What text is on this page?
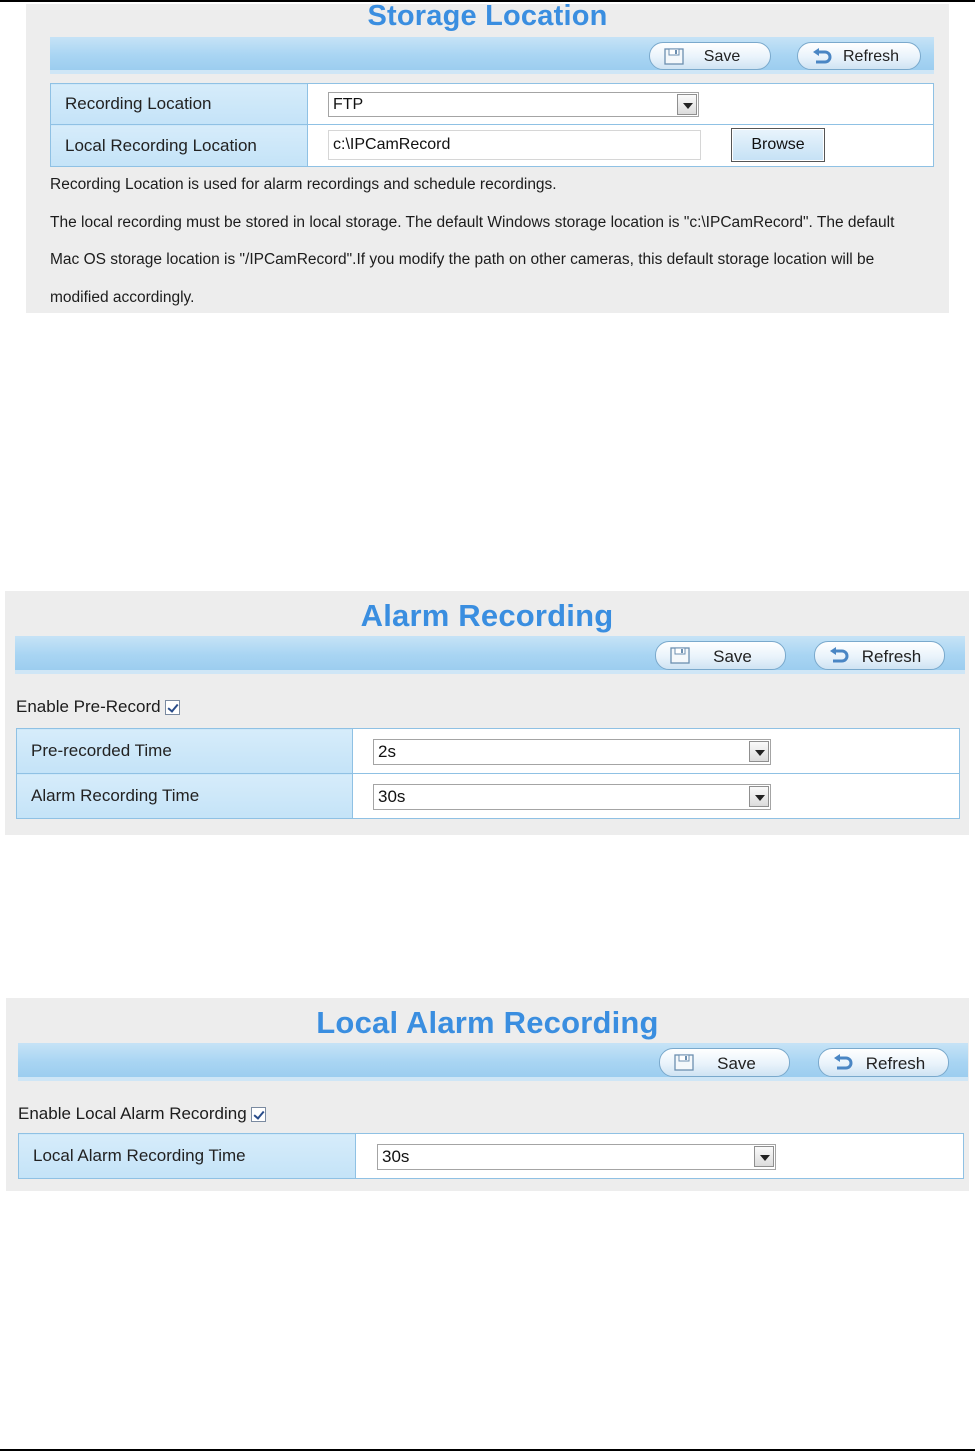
Storage Location
Save	Refresh
Recording Location	FTP

Local Recording Location	c:\IPCamRecord Browse
Recording Location is used for alarm recordings and schedule recordings.
The local recording must be stored in local storage. The default Windows storage location is "c:\IPCamRecord". The default
Mac OS storage location is "/IPCamRecord".If you modify the path on other cameras, this default storage location will be
modified accordingly.
Alarm Recording
Save	Refresh
Enable Pre-Record
Pre-recorded Time	2s

Alarm Recording Time	30s
Local Alarm Recording
Save	Refresh
Enable Local Alarm Recording
Local Alarm Recording Time	30s
